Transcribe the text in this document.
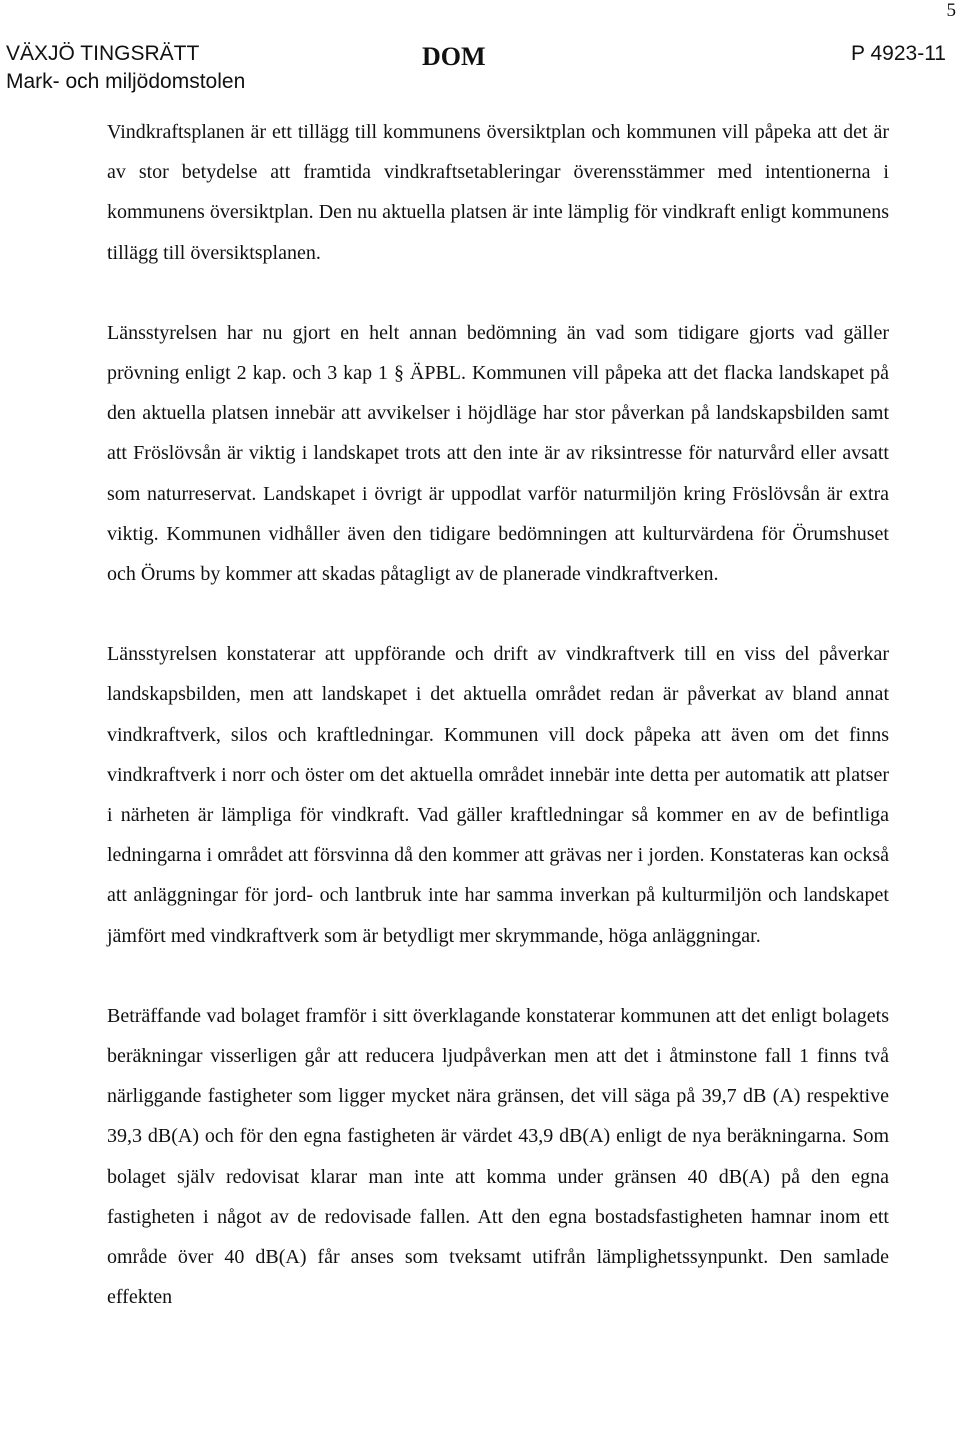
5
VÄXJÖ TINGSRÄTT
Mark- och miljödomstolen
DOM	P 4923-11

Vindkraftsplanen är ett tillägg till kommunens översiktplan och kommunen vill påpeka att det är av stor betydelse att framtida vindkraftsetableringar överensstämmer med intentionerna i kommunens översiktplan. Den nu aktuella platsen är inte lämplig för vindkraft enligt kommunens tillägg till översiktsplanen.

Länsstyrelsen har nu gjort en helt annan bedömning än vad som tidigare gjorts vad gäller prövning enligt 2 kap. och 3 kap 1 § ÄPBL. Kommunen vill påpeka att det flacka landskapet på den aktuella platsen innebär att avvikelser i höjdläge har stor påverkan på landskapsbilden samt att Fröslövsån är viktig i landskapet trots att den inte är av riksintresse för naturvård eller avsatt som naturreservat. Landskapet i övrigt är uppodlat varför naturmiljön kring Fröslövsån är extra viktig. Kommunen vidhåller även den tidigare bedömningen att kulturvärdena för Örumshuset och Örums by kommer att skadas påtagligt av de planerade vindkraftverken.

Länsstyrelsen konstaterar att uppförande och drift av vindkraftverk till en viss del påverkar landskapsbilden, men att landskapet i det aktuella området redan är påverkat av bland annat vindkraftverk, silos och kraftledningar. Kommunen vill dock påpeka att även om det finns vindkraftverk i norr och öster om det aktuella området innebär inte detta per automatik att platser i närheten är lämpliga för vindkraft. Vad gäller kraftledningar så kommer en av de befintliga ledningarna i området att försvinna då den kommer att grävas ner i jorden. Konstateras kan också att anläggningar för jord- och lantbruk inte har samma inverkan på kulturmiljön och landskapet jämfört med vindkraftverk som är betydligt mer skrymmande, höga anläggningar.

Beträffande vad bolaget framför i sitt överklagande konstaterar kommunen att det enligt bolagets beräkningar visserligen går att reducera ljudpåverkan men att det i åtminstone fall 1 finns två närliggande fastigheter som ligger mycket nära gränsen, det vill säga på 39,7 dB (A) respektive 39,3 dB(A) och för den egna fastigheten är värdet 43,9 dB(A) enligt de nya beräkningarna. Som bolaget själv redovisat klarar man inte att komma under gränsen 40 dB(A) på den egna fastigheten i något av de redovisade fallen. Att den egna bostadsfastigheten hamnar inom ett område över 40 dB(A) får anses som tveksamt utifrån lämplighetssynpunkt. Den samlade effekten
